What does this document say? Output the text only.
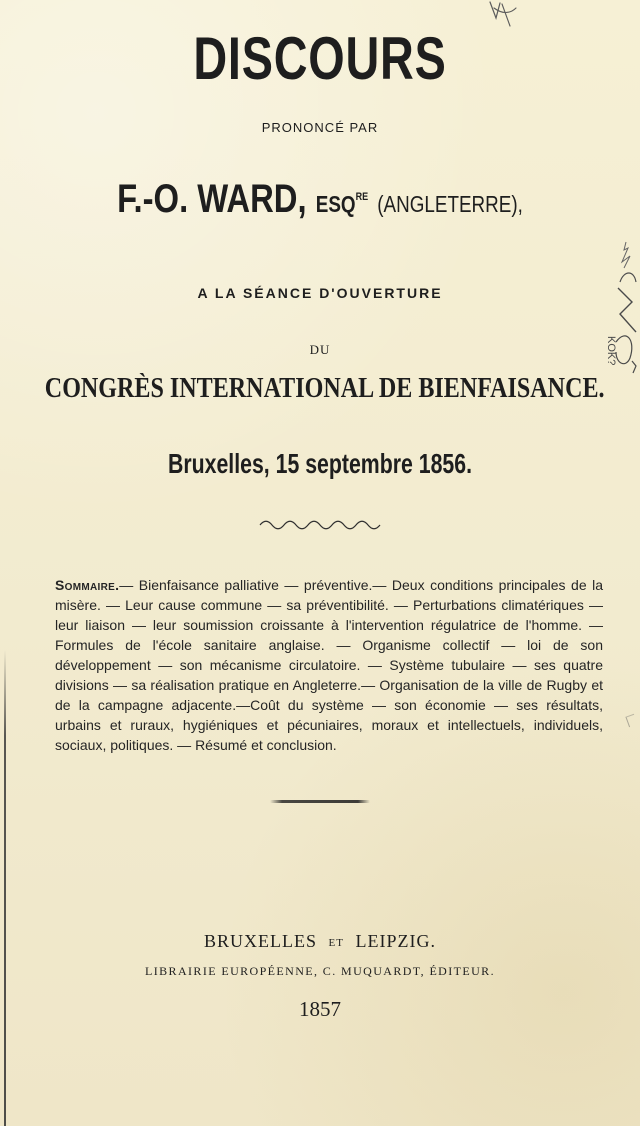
DISCOURS
PRONONCÉ PAR
F.-O. WARD, $ESQ^{RE}$ (ANGLETERRE),
A LA SÉANCE D'OUVERTURE
DU
CONGRÈS INTERNATIONAL DE BIENFAISANCE.
Bruxelles, 15 septembre 1856.
Sommaire.— Bienfaisance palliative — préventive.— Deux conditions principales de la misère. — Leur cause commune — sa préventibilité. — Perturbations climatériques — leur liaison — leur soumission croissante à l'intervention régulatrice de l'homme. — Formules de l'école sanitaire anglaise. — Organisme collectif — loi de son développement — son mécanisme circulatoire. — Système tubulaire — ses quatre divisions — sa réalisation pratique en Angleterre.— Organisation de la ville de Rugby et de la campagne adjacente.—Coût du système — son économie — ses résultats, urbains et ruraux, hygiéniques et pécuniaires, moraux et intellectuels, individuels, sociaux, politiques. — Résumé et conclusion.
BRUXELLES ET LEIPZIG.
LIBRAIRIE EUROPÉENNE, C. MUQUARDT, ÉDITEUR.
1857
KOK?
